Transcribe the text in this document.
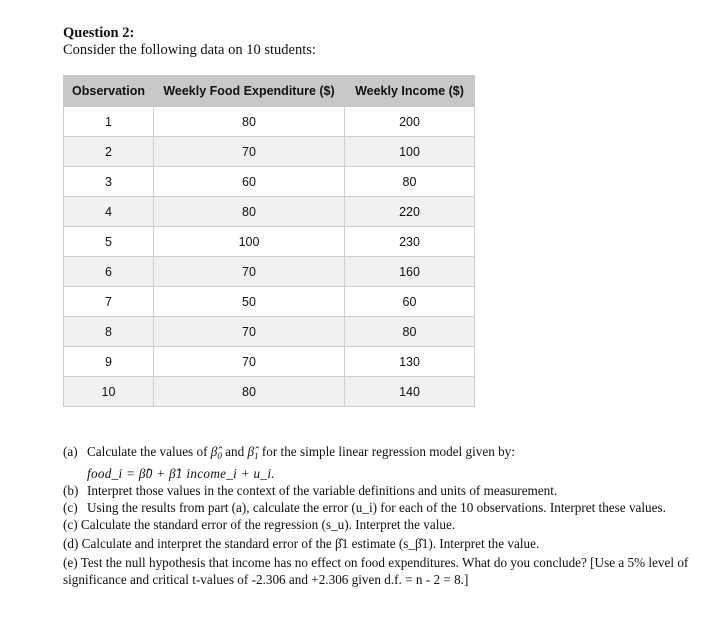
Question 2:
Consider the following data on 10 students:
Observation	Weekly Food Expenditure ($)	Weekly Income ($)
1	80	200
2	70	100
3	60	80
4	80	220
5	100	230
6	70	160
7	50	60
8	70	80
9	70	130
10	80	140
(a) Calculate the values of $\betâ_0$ and $\betâ_1$ for the simple linear regression model given by:
food_i = β̂0 + β̂1 income_i + u_i.
(b) Interpret those values in the context of the variable definitions and units of measurement.
(c) Using the results from part (a), calculate the error (u_i) for each of the 10 observations. Interpret these values.
(c) Calculate the standard error of the regression (s_u). Interpret the value.
(d) Calculate and interpret the standard error of the β̂1 estimate (s_β̂1). Interpret the value.
(e) Test the null hypothesis that income has no effect on food expenditures. What do you conclude? [Use a 5% level of significance and critical t-values of -2.306 and +2.306 given d.f. = n - 2 = 8.]
